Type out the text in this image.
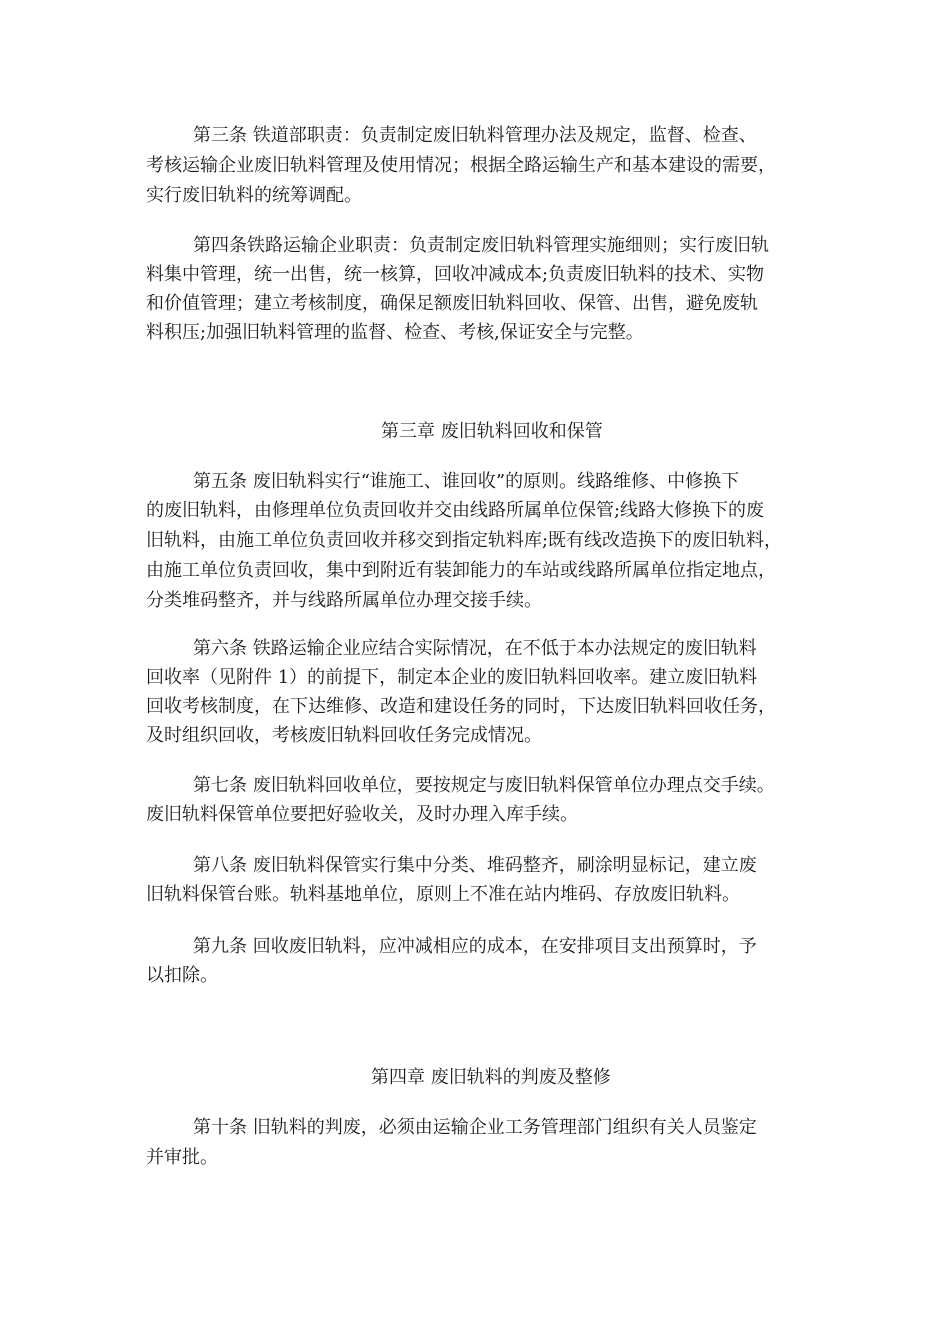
第三条 铁道部职责：负责制定废旧轨料管理办法及规定，监督、检查、
考核运输企业废旧轨料管理及使用情况；根据全路运输生产和基本建设的需要，
实行废旧轨料的统筹调配。
第四条铁路运输企业职责：负责制定废旧轨料管理实施细则；实行废旧轨
料集中管理，统一出售，统一核算，回收冲减成本;负责废旧轨料的技术、实物
和价值管理；建立考核制度，确保足额废旧轨料回收、保管、出售，避免废轨
料积压;加强旧轨料管理的监督、检查、考核,保证安全与完整。
第三章 废旧轨料回收和保管
第五条 废旧轨料实行“谁施工、谁回收”的原则。线路维修、中修换下
的废旧轨料，由修理单位负责回收并交由线路所属单位保管;线路大修换下的废
旧轨料，由施工单位负责回收并移交到指定轨料库;既有线改造换下的废旧轨料，
由施工单位负责回收，集中到附近有装卸能力的车站或线路所属单位指定地点，
分类堆码整齐，并与线路所属单位办理交接手续。
第六条 铁路运输企业应结合实际情况，在不低于本办法规定的废旧轨料
回收率（见附件 1）的前提下，制定本企业的废旧轨料回收率。建立废旧轨料
回收考核制度，在下达维修、改造和建设任务的同时，下达废旧轨料回收任务，
及时组织回收，考核废旧轨料回收任务完成情况。
第七条 废旧轨料回收单位，要按规定与废旧轨料保管单位办理点交手续。
废旧轨料保管单位要把好验收关，及时办理入库手续。
第八条 废旧轨料保管实行集中分类、堆码整齐，刷涂明显标记，建立废
旧轨料保管台账。轨料基地单位，原则上不准在站内堆码、存放废旧轨料。
第九条 回收废旧轨料，应冲减相应的成本，在安排项目支出预算时，予
以扣除。
第四章 废旧轨料的判废及整修
第十条 旧轨料的判废，必须由运输企业工务管理部门组织有关人员鉴定
并审批。
